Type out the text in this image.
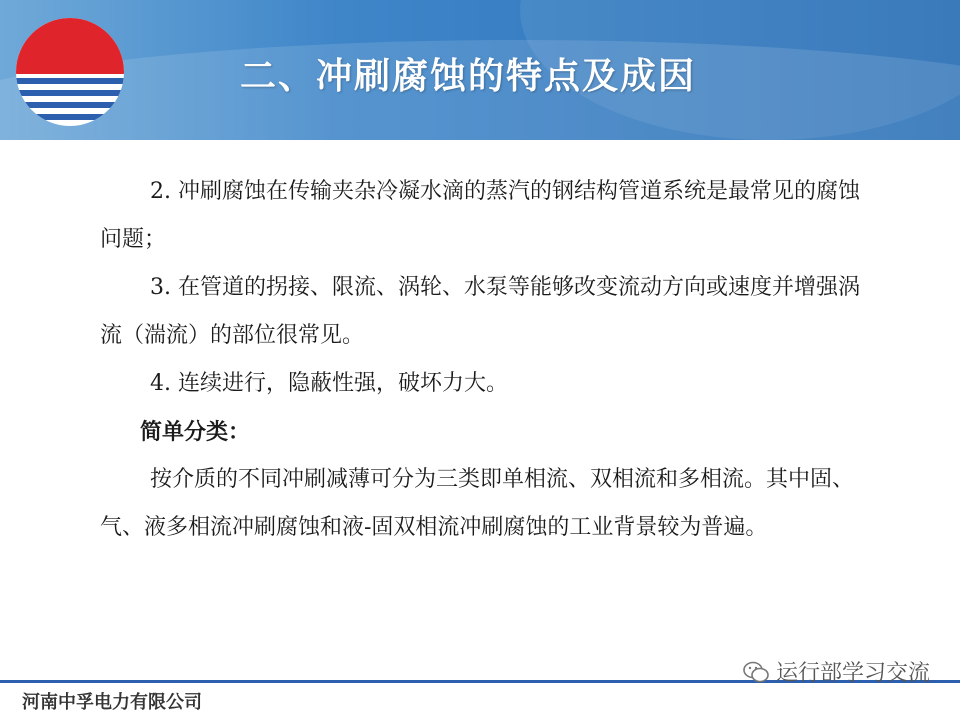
二、冲刷腐蚀的特点及成因

2. 冲刷腐蚀在传输夹杂冷凝水滴的蒸汽的钢结构管道系统是最常见的腐蚀问题；

3. 在管道的拐接、限流、涡轮、水泵等能够改变流动方向或速度并增强涡流（湍流）的部位很常见。

4. 连续进行，隐蔽性强，破坏力大。

简单分类：

按介质的不同冲刷减薄可分为三类即单相流、双相流和多相流。其中固、气、液多相流冲刷腐蚀和液-固双相流冲刷腐蚀的工业背景较为普遍。

河南中孚电力有限公司
运行部学习交流
